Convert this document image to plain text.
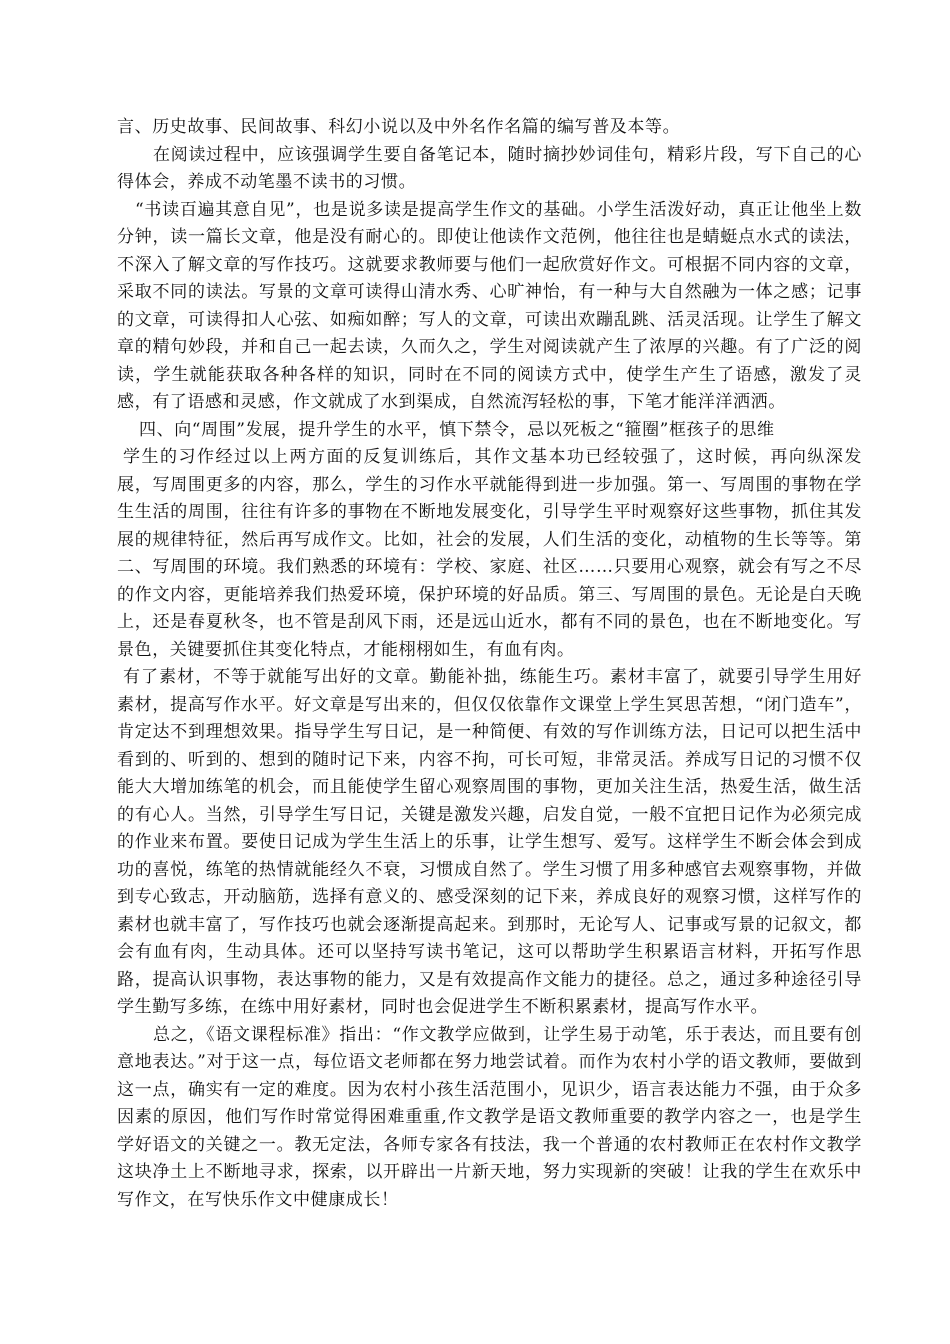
言、历史故事、民间故事、科幻小说以及中外名作名篇的编写普及本等。

在阅读过程中，应该强调学生要自备笔记本，随时摘抄妙词佳句，精彩片段，写下自己的心得体会，养成不动笔墨不读书的习惯。

“书读百遍其意自见”，也是说多读是提高学生作文的基础。小学生活泼好动，真正让他坐上数分钟，读一篇长文章，他是没有耐心的。即使让他读作文范例，他往往也是蜻蜓点水式的读法，不深入了解文章的写作技巧。这就要求教师要与他们一起欣赏好作文。可根据不同内容的文章，采取不同的读法。写景的文章可读得山清水秀、心旷神怡，有一种与大自然融为一体之感；记事的文章，可读得扣人心弦、如痴如醉；写人的文章，可读出欢蹦乱跳、活灵活现。让学生了解文章的精句妙段，并和自己一起去读，久而久之，学生对阅读就产生了浓厚的兴趣。有了广泛的阅读，学生就能获取各种各样的知识，同时在不同的阅读方式中，使学生产生了语感，激发了灵感，有了语感和灵感，作文就成了水到渠成，自然流泻轻松的事，下笔才能洋洋洒洒。

四、向“周围”发展，提升学生的水平，慎下禁令，忌以死板之“箍圈”框孩子的思维

学生的习作经过以上两方面的反复训练后，其作文基本功已经较强了，这时候，再向纵深发展，写周围更多的内容，那么，学生的习作水平就能得到进一步加强。第一、写周围的事物在学生生活的周围，往往有许多的事物在不断地发展变化，引导学生平时观察好这些事物，抓住其发展的规律特征，然后再写成作文。比如，社会的发展，人们生活的变化，动植物的生长等等。第二、写周围的环境。我们熟悉的环境有：学校、家庭、社区……只要用心观察，就会有写之不尽的作文内容，更能培养我们热爱环境，保护环境的好品质。第三、写周围的景色。无论是白天晚上，还是春夏秋冬，也不管是刮风下雨，还是远山近水，都有不同的景色，也在不断地变化。写景色，关键要抓住其变化特点，才能栩栩如生，有血有肉。

有了素材，不等于就能写出好的文章。勤能补拙，练能生巧。素材丰富了，就要引导学生用好素材，提高写作水平。好文章是写出来的，但仅仅依靠作文课堂上学生冥思苦想，“闭门造车”，肯定达不到理想效果。指导学生写日记，是一种简便、有效的写作训练方法，日记可以把生活中看到的、听到的、想到的随时记下来，内容不拘，可长可短，非常灵活。养成写日记的习惯不仅能大大增加练笔的机会，而且能使学生留心观察周围的事物，更加关注生活，热爱生活，做生活的有心人。当然，引导学生写日记，关键是激发兴趣，启发自觉，一般不宜把日记作为必须完成的作业来布置。要使日记成为学生生活上的乐事，让学生想写、爱写。这样学生不断会体会到成功的喜悦，练笔的热情就能经久不衰，习惯成自然了。学生习惯了用多种感官去观察事物，并做到专心致志，开动脑筋，选择有意义的、感受深刻的记下来，养成良好的观察习惯，这样写作的素材也就丰富了，写作技巧也就会逐渐提高起来。到那时，无论写人、记事或写景的记叙文，都会有血有肉，生动具体。还可以坚持写读书笔记，这可以帮助学生积累语言材料，开拓写作思路，提高认识事物，表达事物的能力，又是有效提高作文能力的捷径。总之，通过多种途径引导学生勤写多练，在练中用好素材，同时也会促进学生不断积累素材，提高写作水平。

总之，《语文课程标准》指出：“作文教学应做到，让学生易于动笔，乐于表达，而且要有创意地表达。”对于这一点，每位语文老师都在努力地尝试着。而作为农村小学的语文教师，要做到这一点，确实有一定的难度。因为农村小孩生活范围小，见识少，语言表达能力不强，由于众多因素的原因，他们写作时常觉得困难重重,作文教学是语文教师重要的教学内容之一，也是学生学好语文的关键之一。教无定法，各师专家各有技法，我一个普通的农村教师正在农村作文教学这块净土上不断地寻求，探索，以开辟出一片新天地，努力实现新的突破！让我的学生在欢乐中写作文，在写快乐作文中健康成长！
